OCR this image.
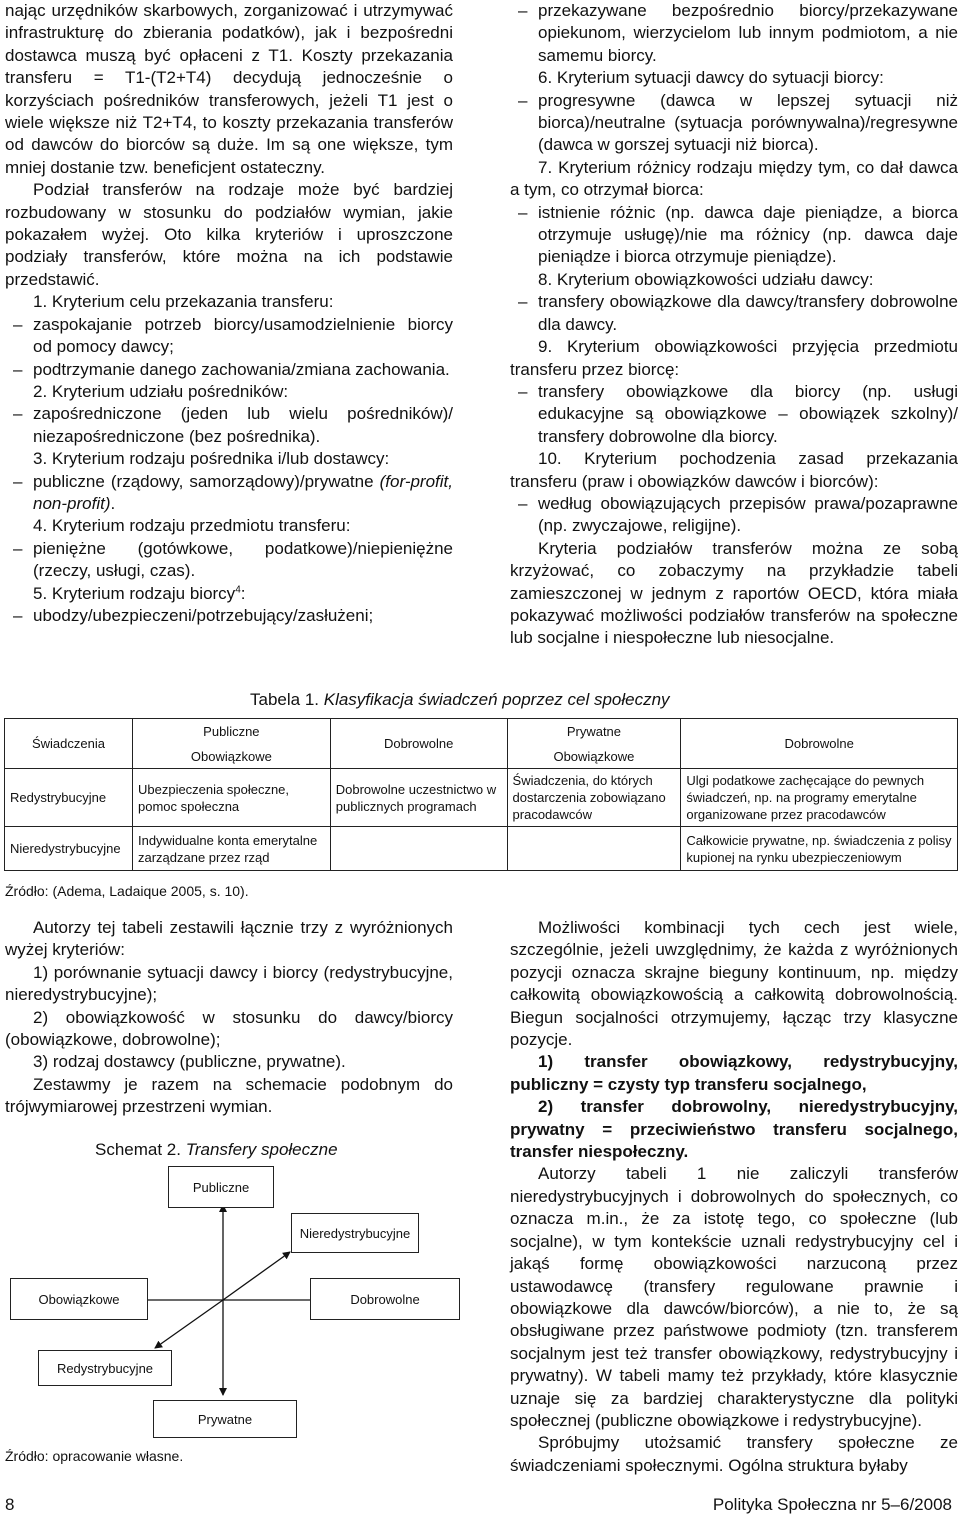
nając urzędników skarbowych, zorganizować i utrzymywać infrastrukturę do zbierania podatków), jak i bezpośredni dostawca muszą być opłaceni z T1. Koszty przekazania transferu = T1-(T2+T4) decydują jednocześnie o korzyściach pośredników transferowych, jeżeli T1 jest o wiele większe niż T2+T4, to koszty przekazania transferów od dawców do biorców są duże. Im są one większe, tym mniej dostanie tzw. beneficjent ostateczny.

Podział transferów na rodzaje może być bardziej rozbudowany w stosunku do podziałów wymian, jakie pokazałem wyżej. Oto kilka kryteriów i uproszczone podziały transferów, które można na ich podstawie przedstawić.

1. Kryterium celu przekazania transferu:

– zaspokajanie potrzeb biorcy/usamodzielnienie biorcy od pomocy dawcy;
– podtrzymanie danego zachowania/zmiana zachowania.

2. Kryterium udziału pośredników:

– zapośredniczone (jeden lub wielu pośredników)/ niezapośredniczone (bez pośrednika).

3. Kryterium rodzaju pośrednika i/lub dostawcy:

– publiczne (rządowy, samorządowy)/prywatne (for-profit, non-profit).

4. Kryterium rodzaju przedmiotu transferu:

– pieniężne (gotówkowe, podatkowe)/niepieniężne (rzeczy, usługi, czas).

5. Kryterium rodzaju biorcy$^4$:

– ubodzy/ubezpieczeni/potrzebujący/zasłużeni;
– przekazywane bezpośrednio biorcy/przekazywane opiekunom, wierzycielom lub innym podmiotom, a nie samemu biorcy.

6. Kryterium sytuacji dawcy do sytuacji biorcy:

– progresywne (dawca w lepszej sytuacji niż biorca)/neutralne (sytuacja porównywalna)/regresywne (dawca w gorszej sytuacji niż biorca).

7. Kryterium różnicy rodzaju między tym, co dał dawca a tym, co otrzymał biorca:

– istnienie różnic (np. dawca daje pieniądze, a biorca otrzymuje usługę)/nie ma różnicy (np. dawca daje pieniądze i biorca otrzymuje pieniądze).

8. Kryterium obowiązkowości udziału dawcy:

– transfery obowiązkowe dla dawcy/transfery dobrowolne dla dawcy.

9. Kryterium obowiązkowości przyjęcia przedmiotu transferu przez biorcę:

– transfery obowiązkowe dla biorcy (np. usługi edukacyjne są obowiązkowe – obowiązek szkolny)/ transfery dobrowolne dla biorcy.

10. Kryterium pochodzenia zasad przekazania transferu (praw i obowiązków dawców i biorców):

– według obowiązujących przepisów prawa/pozaprawne (np. zwyczajowe, religijne).

Kryteria podziałów transferów można ze sobą krzyżować, co zobaczymy na przykładzie tabeli zamieszczonej w jednym z raportów OECD, która miała pokazywać możliwości podziałów transferów na społeczne lub socjalne i niespołeczne lub niesocjalne.

Tabela 1. Klasyfikacja świadczeń poprzez cel społeczny
Świadczenia	Publiczne	Dobrowolne	Prywatne	Dobrowolne
	Obowiązkowe		Obowiązkowe	
Redystrybucyjne	Ubezpieczenia społeczne, pomoc społeczna	Dobrowolne uczestnictwo w publicznych programach	Świadczenia, do których dostarczenia zobowiązano pracodawców	Ulgi podatkowe zachęcające do pewnych świadczeń, np. na programy emerytalne organizowane przez pracodawców
Nieredystrybucyjne	Indywidualne konta emerytalne zarządzane przez rząd			Całkowicie prywatne, np. świadczenia z polisy kupionej na rynku ubezpieczeniowym
Źródło: (Adema, Ladaique 2005, s. 10).

Autorzy tej tabeli zestawili łącznie trzy z wyróżnionych wyżej kryteriów:

1) porównanie sytuacji dawcy i biorcy (redystrybucyjne, nieredystrybucyjne);

2) obowiązkowość w stosunku do dawcy/biorcy (obowiązkowe, dobrowolne);

3) rodzaj dostawcy (publiczne, prywatne).

Zestawmy je razem na schemacie podobnym do trójwymiarowej przestrzeni wymian.

Schemat 2. Transfery społeczne
Publiczne
Nieredystrybucyjne
Obowiązkowe	Dobrowolne
Redystrybucyjne
Prywatne
Źródło: opracowanie własne.

Możliwości kombinacji tych cech jest wiele, szczególnie, jeżeli uwzględnimy, że każda z wyróżnionych pozycji oznacza skrajne bieguny kontinuum, np. między całkowitą obowiązkowością a całkowitą dobrowolnością. Biegun socjalności otrzymujemy, łącząc trzy klasyczne pozycje.

1) transfer obowiązkowy, redystrybucyjny, publiczny = czysty typ transferu socjalnego,

2) transfer dobrowolny, nieredystrybucyjny, prywatny = przeciwieństwo transferu socjalnego, transfer niespołeczny.

Autorzy tabeli 1 nie zaliczyli transferów nieredystrybucyjnych i dobrowolnych do społecznych, co oznacza m.in., że za istotę tego, co społeczne (lub socjalne), w tym kontekście uznali redystrybucyjny cel i jakąś formę obowiązkowości narzuconą przez ustawodawcę (transfery regulowane prawnie i obowiązkowe dla dawców/biorców), a nie to, że są obsługiwane przez państwowe podmioty (tzn. transferem socjalnym jest też transfer obowiązkowy, redystrybucyjny i prywatny). W tabeli mamy też przykłady, które klasycznie uznaje się za bardziej charakterystyczne dla polityki społecznej (publiczne obowiązkowe i redystrybucyjne).

Spróbujmy utożsamić transfery społeczne ze świadczeniami społecznymi. Ogólna struktura byłaby

8	Polityka Społeczna nr 5–6/2008
